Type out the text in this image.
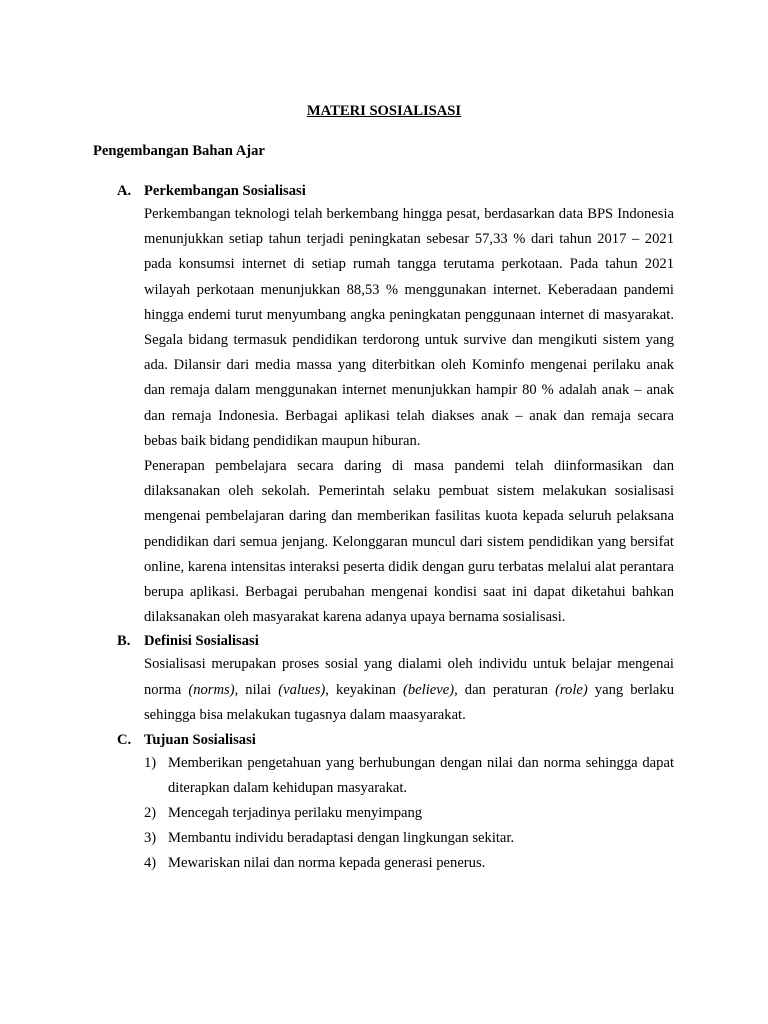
MATERI SOSIALISASI
Pengembangan Bahan Ajar
A. Perkembangan Sosialisasi
Perkembangan teknologi telah berkembang hingga pesat, berdasarkan data BPS Indonesia menunjukkan setiap tahun terjadi peningkatan sebesar 57,33 % dari tahun 2017 – 2021 pada konsumsi internet di setiap rumah tangga terutama perkotaan. Pada tahun 2021 wilayah perkotaan menunjukkan 88,53 % menggunakan internet. Keberadaan pandemi hingga endemi turut menyumbang angka peningkatan penggunaan internet di masyarakat. Segala bidang termasuk pendidikan terdorong untuk survive dan mengikuti sistem yang ada. Dilansir dari media massa yang diterbitkan oleh Kominfo mengenai perilaku anak dan remaja dalam menggunakan internet menunjukkan hampir 80 % adalah anak – anak dan remaja Indonesia. Berbagai aplikasi telah diakses anak – anak dan remaja secara bebas baik bidang pendidikan maupun hiburan.
Penerapan pembelajara secara daring di masa pandemi telah diinformasikan dan dilaksanakan oleh sekolah. Pemerintah selaku pembuat sistem melakukan sosialisasi mengenai pembelajaran daring dan memberikan fasilitas kuota kepada seluruh pelaksana pendidikan dari semua jenjang. Kelonggaran muncul dari sistem pendidikan yang bersifat online, karena intensitas interaksi peserta didik dengan guru terbatas melalui alat perantara berupa aplikasi. Berbagai perubahan mengenai kondisi saat ini dapat diketahui bahkan dilaksanakan oleh masyarakat karena adanya upaya bernama sosialisasi.
B. Definisi Sosialisasi
Sosialisasi merupakan proses sosial yang dialami oleh individu untuk belajar mengenai norma (norms), nilai (values), keyakinan (believe), dan peraturan (role) yang berlaku sehingga bisa melakukan tugasnya dalam maasyarakat.
C. Tujuan Sosialisasi
1) Memberikan pengetahuan yang berhubungan dengan nilai dan norma sehingga dapat diterapkan dalam kehidupan masyarakat.
2) Mencegah terjadinya perilaku menyimpang
3) Membantu individu beradaptasi dengan lingkungan sekitar.
4) Mewariskan nilai dan norma kepada generasi penerus.
